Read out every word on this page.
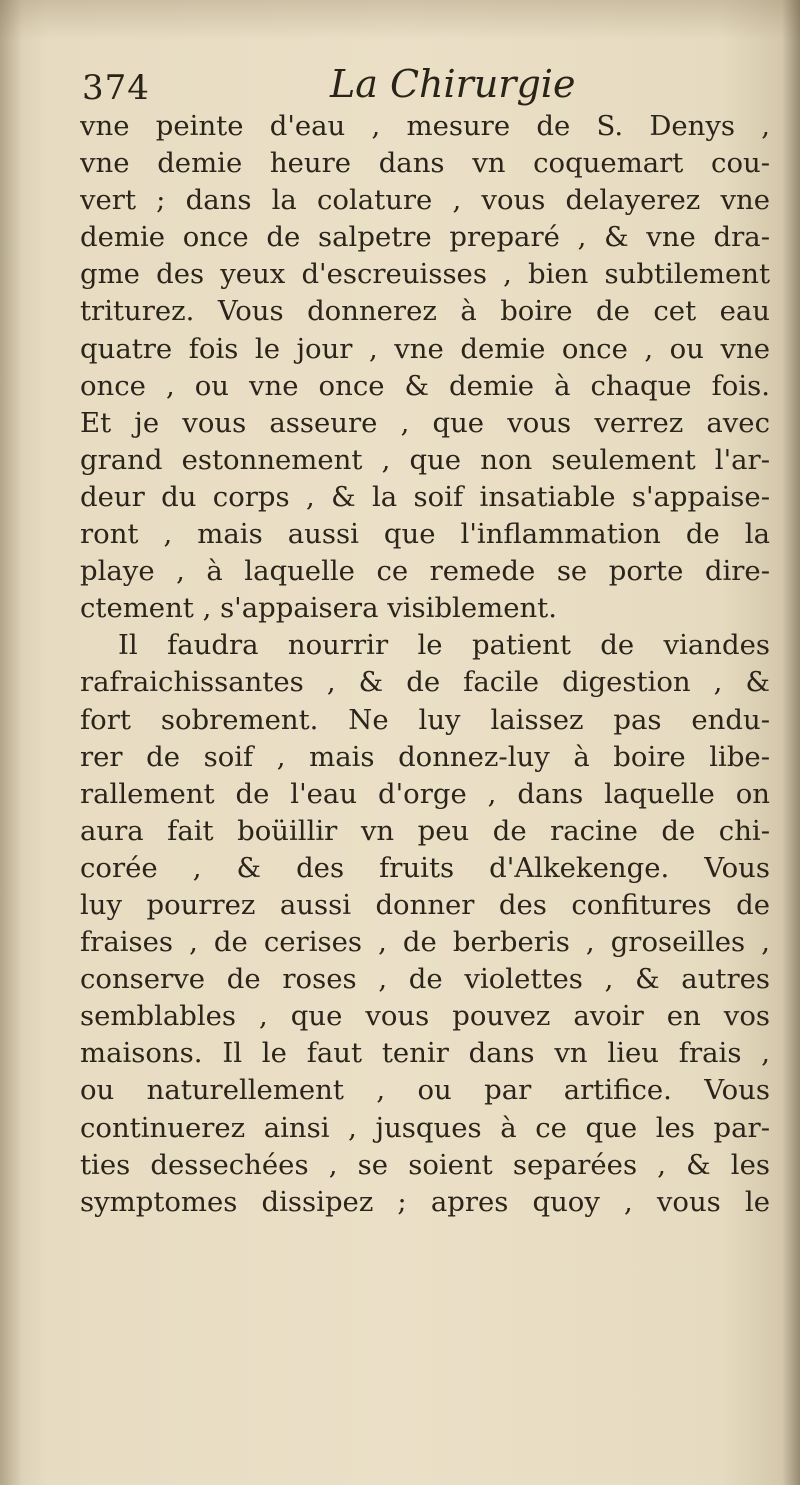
374	La Chirurgie
vne peinte d'eau , mesure de S. Denys ,
vne demie heure dans vn coquemart cou-
vert ; dans la colature , vous delayerez vne
demie once de salpetre preparé , & vne dra-
gme des yeux d'escreuisses , bien subtilement
triturez. Vous donnerez à boire de cet eau
quatre fois le jour , vne demie once , ou vne
once , ou vne once & demie à chaque fois.
Et je vous asseure , que vous verrez avec
grand estonnement , que non seulement l'ar-
deur du corps , & la soif insatiable s'appaise-
ront , mais aussi que l'inflammation de la
playe , à laquelle ce remede se porte dire-
ctement , s'appaisera visiblement.
Il faudra nourrir le patient de viandes
rafraichissantes , & de facile digestion , &
fort sobrement. Ne luy laissez pas endu-
rer de soif , mais donnez-luy à boire libe-
rallement de l'eau d'orge , dans laquelle on
aura fait boüillir vn peu de racine de chi-
corée , & des fruits d'Alkekenge. Vous
luy pourrez aussi donner des confitures de
fraises , de cerises , de berberis , groseilles ,
conserve de roses , de violettes , & autres
semblables , que vous pouvez avoir en vos
maisons. Il le faut tenir dans vn lieu frais ,
ou naturellement , ou par artifice. Vous
continuerez ainsi , jusques à ce que les par-
ties dessechées , se soient separées , & les
symptomes dissipez ; apres quoy , vous le
